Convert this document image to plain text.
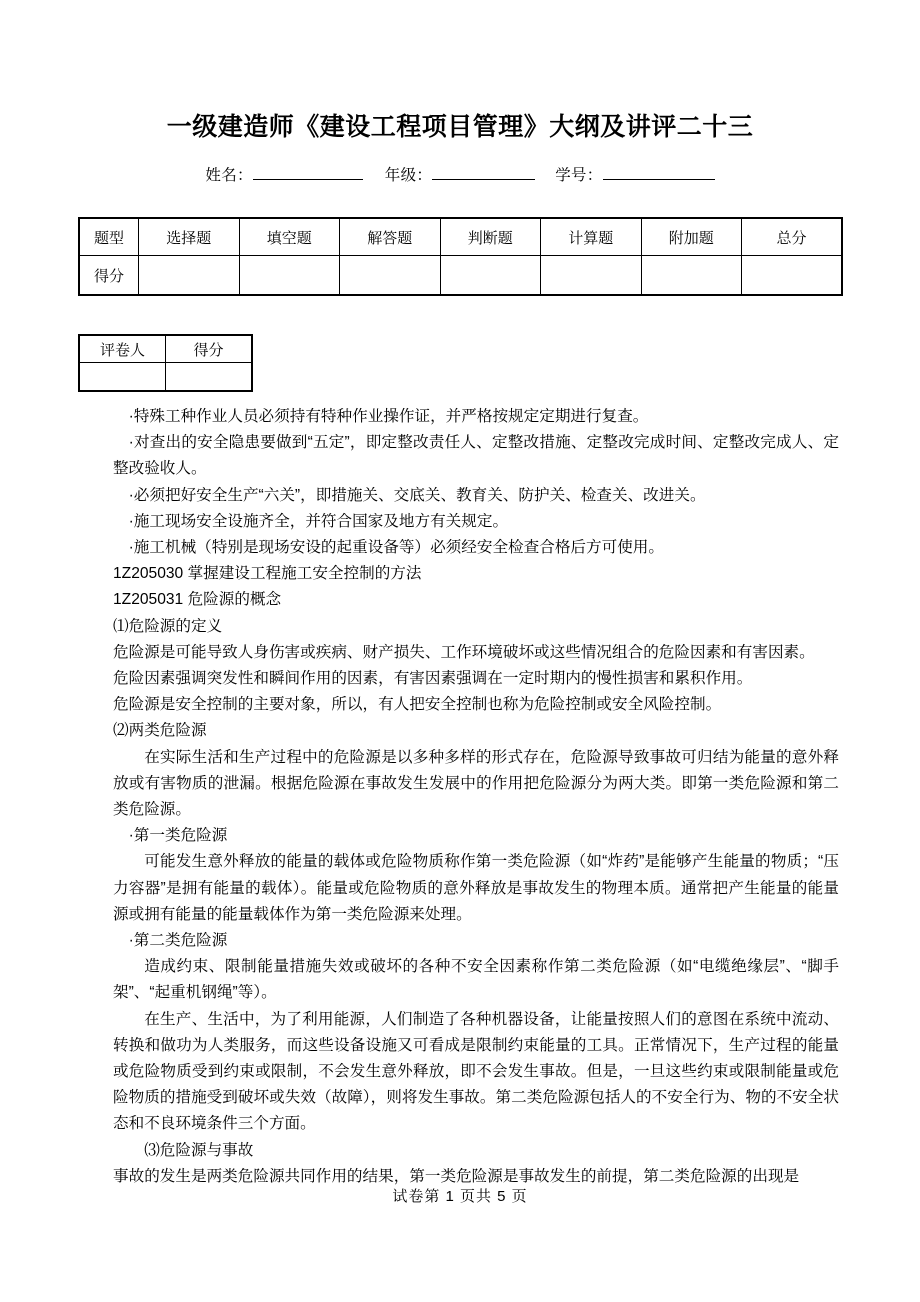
一级建造师《建设工程项目管理》大纲及讲评二十三
姓名：	年级：	学号：
题型	选择题	填空题	解答题	判断题	计算题	附加题	总分
得分							
评卷人	得分

·特殊工种作业人员必须持有特种作业操作证，并严格按规定定期进行复查。

·对查出的安全隐患要做到“五定”，即定整改责任人、定整改措施、定整改完成时间、定整改完成人、定整改验收人。

·必须把好安全生产“六关”，即措施关、交底关、教育关、防护关、检查关、改进关。

·施工现场安全设施齐全，并符合国家及地方有关规定。

·施工机械（特别是现场安设的起重设备等）必须经安全检查合格后方可使用。

1Z205030 掌握建设工程施工安全控制的方法

1Z205031 危险源的概念

⑴危险源的定义

危险源是可能导致人身伤害或疾病、财产损失、工作环境破坏或这些情况组合的危险因素和有害因素。

危险因素强调突发性和瞬间作用的因素，有害因素强调在一定时期内的慢性损害和累积作用。

危险源是安全控制的主要对象，所以，有人把安全控制也称为危险控制或安全风险控制。

⑵两类危险源

在实际生活和生产过程中的危险源是以多种多样的形式存在，危险源导致事故可归结为能量的意外释放或有害物质的泄漏。根据危险源在事故发生发展中的作用把危险源分为两大类。即第一类危险源和第二类危险源。

·第一类危险源

可能发生意外释放的能量的载体或危险物质称作第一类危险源（如“炸药”是能够产生能量的物质；“压力容器”是拥有能量的载体）。能量或危险物质的意外释放是事故发生的物理本质。通常把产生能量的能量源或拥有能量的能量载体作为第一类危险源来处理。

·第二类危险源

造成约束、限制能量措施失效或破坏的各种不安全因素称作第二类危险源（如“电缆绝缘层”、“脚手架”、“起重机钢绳”等）。

在生产、生活中，为了利用能源，人们制造了各种机器设备，让能量按照人们的意图在系统中流动、转换和做功为人类服务，而这些设备设施又可看成是限制约束能量的工具。正常情况下，生产过程的能量或危险物质受到约束或限制，不会发生意外释放，即不会发生事故。但是，一旦这些约束或限制能量或危险物质的措施受到破坏或失效（故障），则将发生事故。第二类危险源包括人的不安全行为、物的不安全状态和不良环境条件三个方面。

⑶危险源与事故

事故的发生是两类危险源共同作用的结果，第一类危险源是事故发生的前提，第二类危险源的出现是

试卷第 1 页共 5 页
